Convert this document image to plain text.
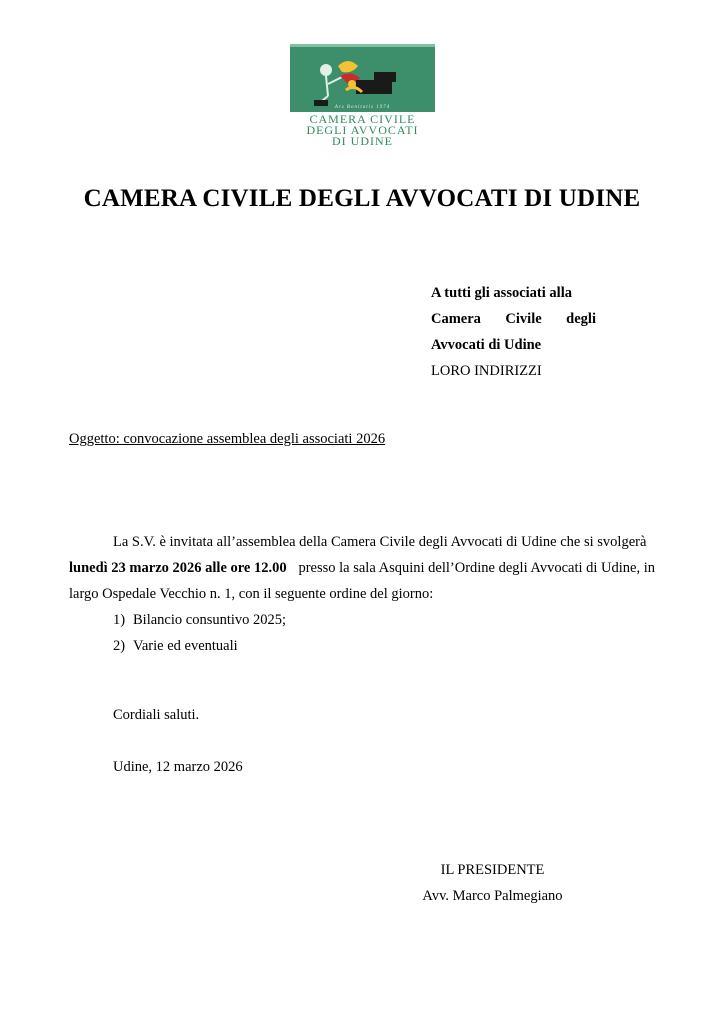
Ars Bonitatis 1974
CAMERA CIVILE
DEGLI AVVOCATI
DI UDINE
CAMERA CIVILE DEGLI AVVOCATI DI UDINE
A tutti gli associati alla
Camera Civile degli
Avvocati di Udine
LORO INDIRIZZI
Oggetto: convocazione assemblea degli associati 2026
La S.V. è invitata all’assemblea della Camera Civile degli Avvocati di Udine che si svolgerà
lunedì 23 marzo 2026 alle ore 12.00 presso la sala Asquini dell’Ordine degli Avvocati di Udine, in
largo Ospedale Vecchio n. 1, con il seguente ordine del giorno:
1) Bilancio consuntivo 2025;
2) Varie ed eventuali
Cordiali saluti.
Udine, 12 marzo 2026
IL PRESIDENTE
Avv. Marco Palmegiano
